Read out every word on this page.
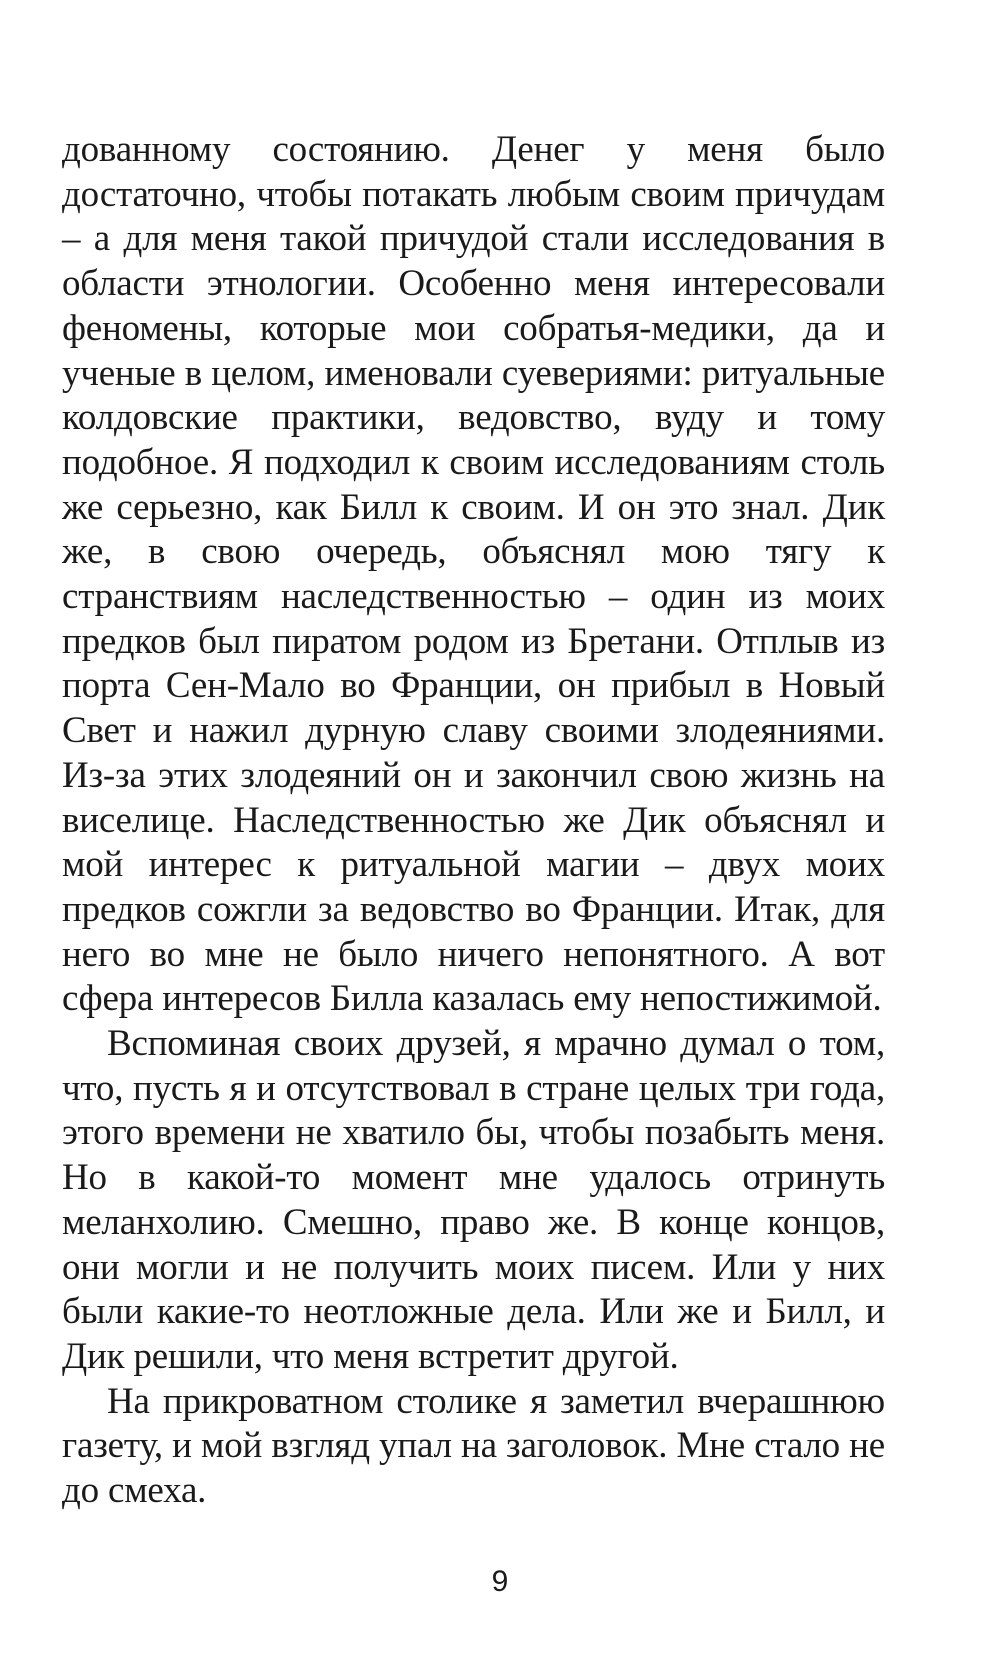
дованному состоянию. Денег у меня было достаточно, чтобы потакать любым своим причудам – а для меня такой причудой стали исследования в области этнологии. Особенно меня интересовали феномены, которые мои собратья-медики, да и ученые в целом, именовали суевериями: ритуальные колдовские практики, ведовство, вуду и тому подобное. Я подходил к своим исследованиям столь же серьезно, как Билл к своим. И он это знал. Дик же, в свою очередь, объяснял мою тягу к странствиям наследственностью – один из моих предков был пиратом родом из Бретани. Отплыв из порта Сен-Мало во Франции, он прибыл в Новый Свет и нажил дурную славу своими злодеяниями. Из-за этих злодеяний он и закончил свою жизнь на виселице. Наследственностью же Дик объяснял и мой интерес к ритуальной магии – двух моих предков сожгли за ведовство во Франции. Итак, для него во мне не было ничего непонятного. А вот сфера интересов Билла казалась ему непостижимой.

Вспоминая своих друзей, я мрачно думал о том, что, пусть я и отсутствовал в стране целых три года, этого времени не хватило бы, чтобы позабыть меня. Но в какой-то момент мне удалось отринуть меланхолию. Смешно, право же. В конце концов, они могли и не получить моих писем. Или у них были какие-то неотложные дела. Или же и Билл, и Дик решили, что меня встретит другой.

На прикроватном столике я заметил вчерашнюю газету, и мой взгляд упал на заголовок. Мне стало не до смеха.

9
